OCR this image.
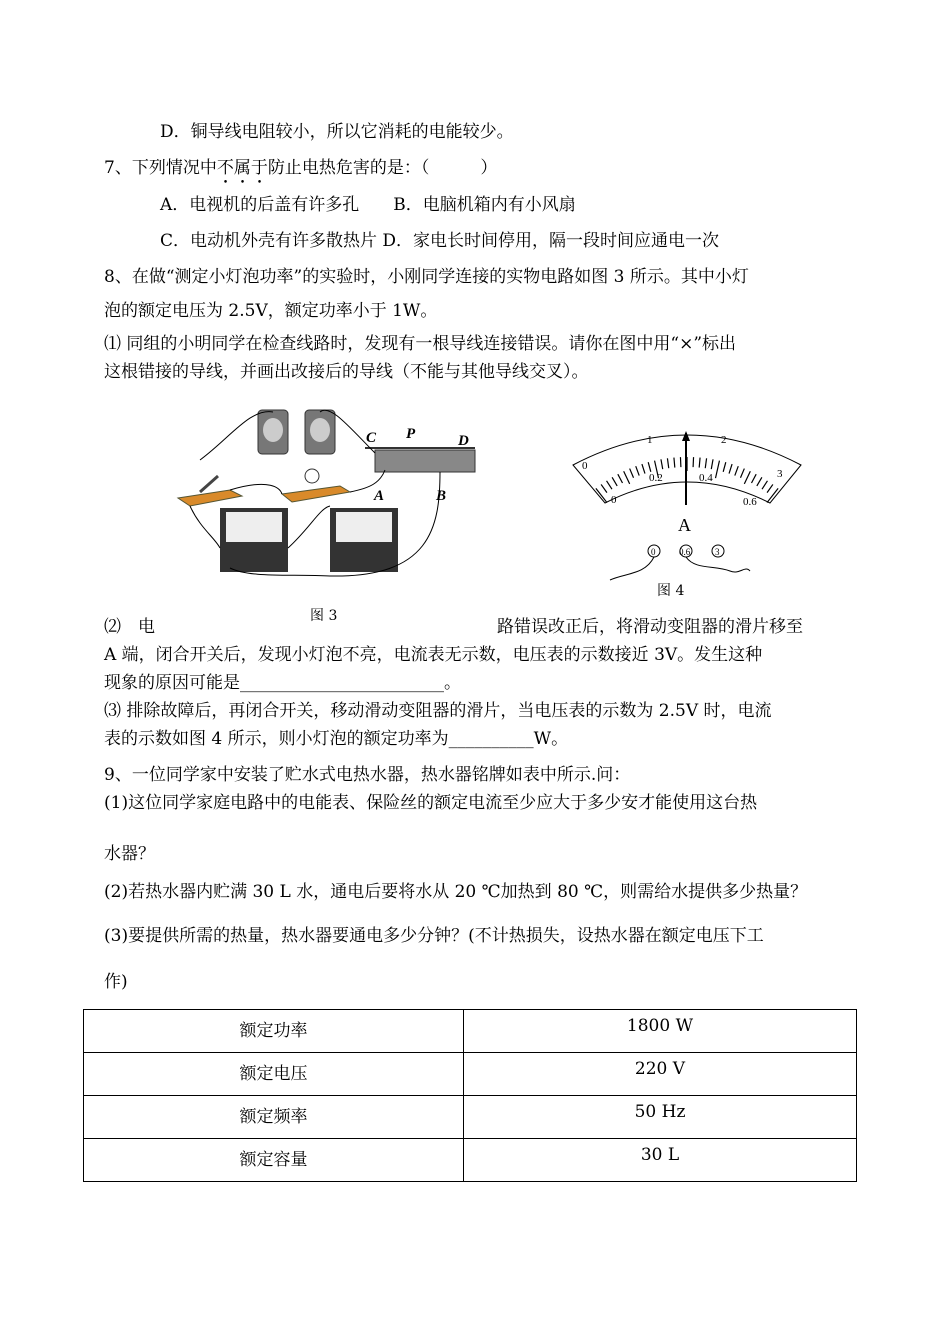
D．铜导线电阻较小，所以它消耗的电能较少。
7、下列情况中不属于防止电热危害的是：（　　　）
A．电视机的后盖有许多孔　　B．电脑机箱内有小风扇
C．电动机外壳有许多散热片 D．家电长时间停用，隔一段时间应通电一次
8、在做“测定小灯泡功率”的实验时，小刚同学连接的实物电路如图 3 所示。其中小灯
泡的额定电压为 2.5V，额定功率小于 1W。
⑴ 同组的小明同学在检查线路时，发现有一根导线连接错误。请你在图中用“×”标出
这根错接的导线，并画出改接后的导线（不能与其他导线交叉）。
C P	D
A	B
图 3
0
1	2
3
0
0.2	0.4
0.6
A
0	0.6	3
图 4
⑵　电	路错误改正后，将滑动变阻器的滑片移至
A 端，闭合开关后，发现小灯泡不亮，电流表无示数，电压表的示数接近 3V。发生这种
现象的原因可能是________________________。
⑶ 排除故障后，再闭合开关，移动滑动变阻器的滑片，当电压表的示数为 2.5V 时，电流
表的示数如图 4 所示，则小灯泡的额定功率为__________W。
9、一位同学家中安装了贮水式电热水器，热水器铭牌如表中所示.问：
(1)这位同学家庭电路中的电能表、保险丝的额定电流至少应大于多少安才能使用这台热
水器？
(2)若热水器内贮满 30 L 水，通电后要将水从 20 ℃加热到 80 ℃，则需给水提供多少热量？
(3)要提供所需的热量，热水器要通电多少分钟？(不计热损失，设热水器在额定电压下工
作)
额定功率	1800 W
额定电压	220 V
额定频率	50 Hz
额定容量	30 L
